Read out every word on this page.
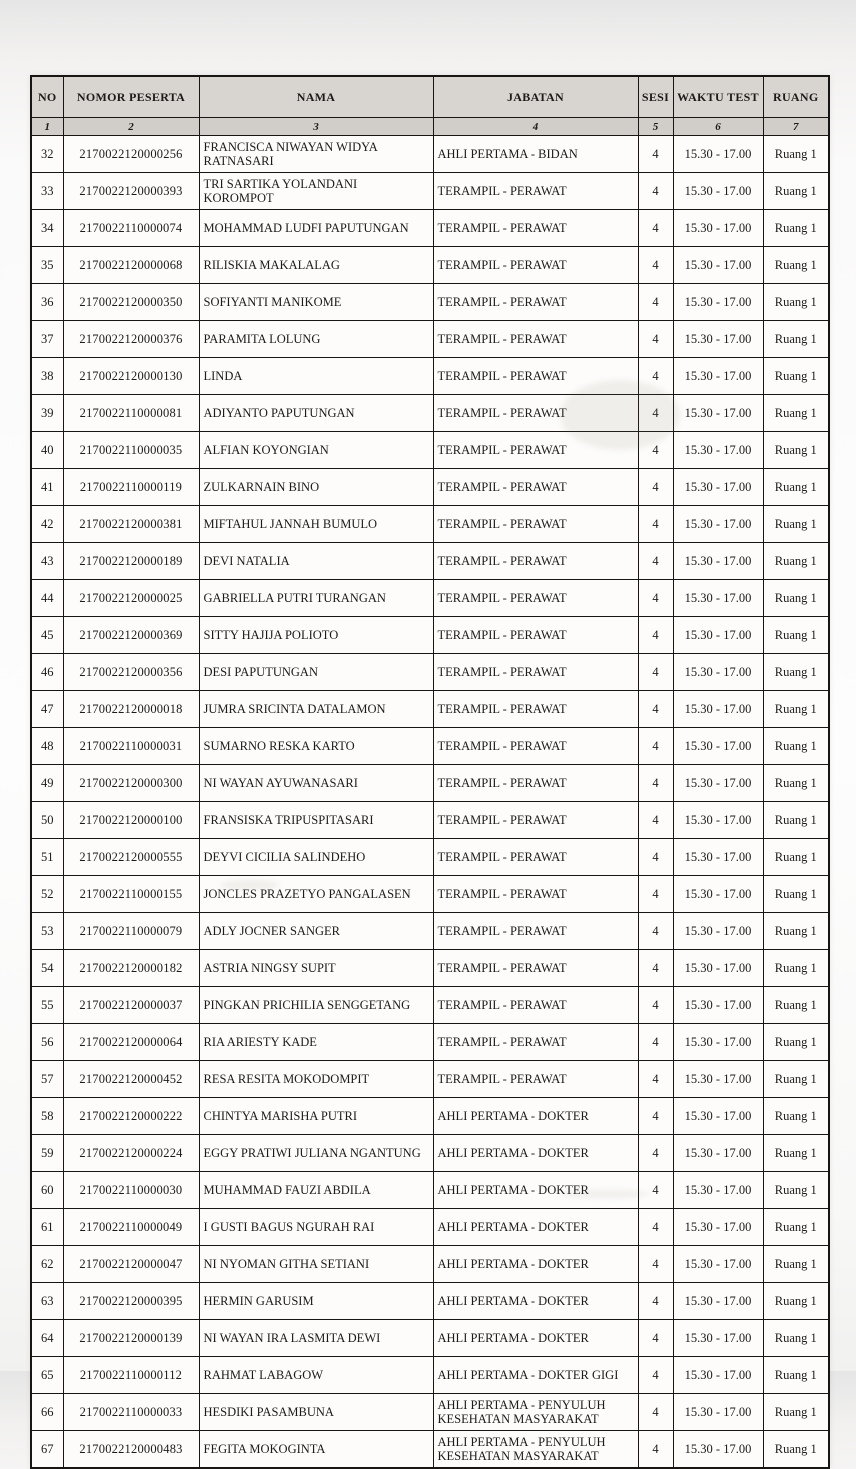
NO	NOMOR PESERTA	NAMA	JABATAN	SESI	WAKTU TEST	RUANG
1	2	3	4	5	6	7
32	2170022120000256	FRANCISCA NIWAYAN WIDYA RATNASARI	AHLI PERTAMA - BIDAN	4	15.30 - 17.00	Ruang 1
33	2170022120000393	TRI SARTIKA YOLANDANI KOROMPOT	TERAMPIL - PERAWAT	4	15.30 - 17.00	Ruang 1
34	2170022110000074	MOHAMMAD LUDFI PAPUTUNGAN	TERAMPIL - PERAWAT	4	15.30 - 17.00	Ruang 1
35	2170022120000068	RILISKIA MAKALALAG	TERAMPIL - PERAWAT	4	15.30 - 17.00	Ruang 1
36	2170022120000350	SOFIYANTI MANIKOME	TERAMPIL - PERAWAT	4	15.30 - 17.00	Ruang 1
37	2170022120000376	PARAMITA LOLUNG	TERAMPIL - PERAWAT	4	15.30 - 17.00	Ruang 1
38	2170022120000130	LINDA	TERAMPIL - PERAWAT	4	15.30 - 17.00	Ruang 1
39	2170022110000081	ADIYANTO PAPUTUNGAN	TERAMPIL - PERAWAT	4	15.30 - 17.00	Ruang 1
40	2170022110000035	ALFIAN KOYONGIAN	TERAMPIL - PERAWAT	4	15.30 - 17.00	Ruang 1
41	2170022110000119	ZULKARNAIN BINO	TERAMPIL - PERAWAT	4	15.30 - 17.00	Ruang 1
42	2170022120000381	MIFTAHUL JANNAH BUMULO	TERAMPIL - PERAWAT	4	15.30 - 17.00	Ruang 1
43	2170022120000189	DEVI NATALIA	TERAMPIL - PERAWAT	4	15.30 - 17.00	Ruang 1
44	2170022120000025	GABRIELLA PUTRI TURANGAN	TERAMPIL - PERAWAT	4	15.30 - 17.00	Ruang 1
45	2170022120000369	SITTY HAJIJA POLIOTO	TERAMPIL - PERAWAT	4	15.30 - 17.00	Ruang 1
46	2170022120000356	DESI PAPUTUNGAN	TERAMPIL - PERAWAT	4	15.30 - 17.00	Ruang 1
47	2170022120000018	JUMRA SRICINTA DATALAMON	TERAMPIL - PERAWAT	4	15.30 - 17.00	Ruang 1
48	2170022110000031	SUMARNO RESKA KARTO	TERAMPIL - PERAWAT	4	15.30 - 17.00	Ruang 1
49	2170022120000300	NI WAYAN AYUWANASARI	TERAMPIL - PERAWAT	4	15.30 - 17.00	Ruang 1
50	2170022120000100	FRANSISKA TRIPUSPITASARI	TERAMPIL - PERAWAT	4	15.30 - 17.00	Ruang 1
51	2170022120000555	DEYVI CICILIA SALINDEHO	TERAMPIL - PERAWAT	4	15.30 - 17.00	Ruang 1
52	2170022110000155	JONCLES PRAZETYO PANGALASEN	TERAMPIL - PERAWAT	4	15.30 - 17.00	Ruang 1
53	2170022110000079	ADLY JOCNER SANGER	TERAMPIL - PERAWAT	4	15.30 - 17.00	Ruang 1
54	2170022120000182	ASTRIA NINGSY SUPIT	TERAMPIL - PERAWAT	4	15.30 - 17.00	Ruang 1
55	2170022120000037	PINGKAN PRICHILIA SENGGETANG	TERAMPIL - PERAWAT	4	15.30 - 17.00	Ruang 1
56	2170022120000064	RIA ARIESTY KADE	TERAMPIL - PERAWAT	4	15.30 - 17.00	Ruang 1
57	2170022120000452	RESA RESITA MOKODOMPIT	TERAMPIL - PERAWAT	4	15.30 - 17.00	Ruang 1
58	2170022120000222	CHINTYA MARISHA PUTRI	AHLI PERTAMA - DOKTER	4	15.30 - 17.00	Ruang 1
59	2170022120000224	EGGY PRATIWI JULIANA NGANTUNG	AHLI PERTAMA - DOKTER	4	15.30 - 17.00	Ruang 1
60	2170022110000030	MUHAMMAD FAUZI ABDILA	AHLI PERTAMA - DOKTER	4	15.30 - 17.00	Ruang 1
61	2170022110000049	I GUSTI BAGUS NGURAH RAI	AHLI PERTAMA - DOKTER	4	15.30 - 17.00	Ruang 1
62	2170022120000047	NI NYOMAN GITHA SETIANI	AHLI PERTAMA - DOKTER	4	15.30 - 17.00	Ruang 1
63	2170022120000395	HERMIN GARUSIM	AHLI PERTAMA - DOKTER	4	15.30 - 17.00	Ruang 1
64	2170022120000139	NI WAYAN IRA LASMITA DEWI	AHLI PERTAMA - DOKTER	4	15.30 - 17.00	Ruang 1
65	2170022110000112	RAHMAT LABAGOW	AHLI PERTAMA - DOKTER GIGI	4	15.30 - 17.00	Ruang 1
66	2170022110000033	HESDIKI PASAMBUNA	AHLI PERTAMA - PENYULUH KESEHATAN MASYARAKAT	4	15.30 - 17.00	Ruang 1
67	2170022120000483	FEGITA MOKOGINTA	AHLI PERTAMA - PENYULUH KESEHATAN MASYARAKAT	4	15.30 - 17.00	Ruang 1
